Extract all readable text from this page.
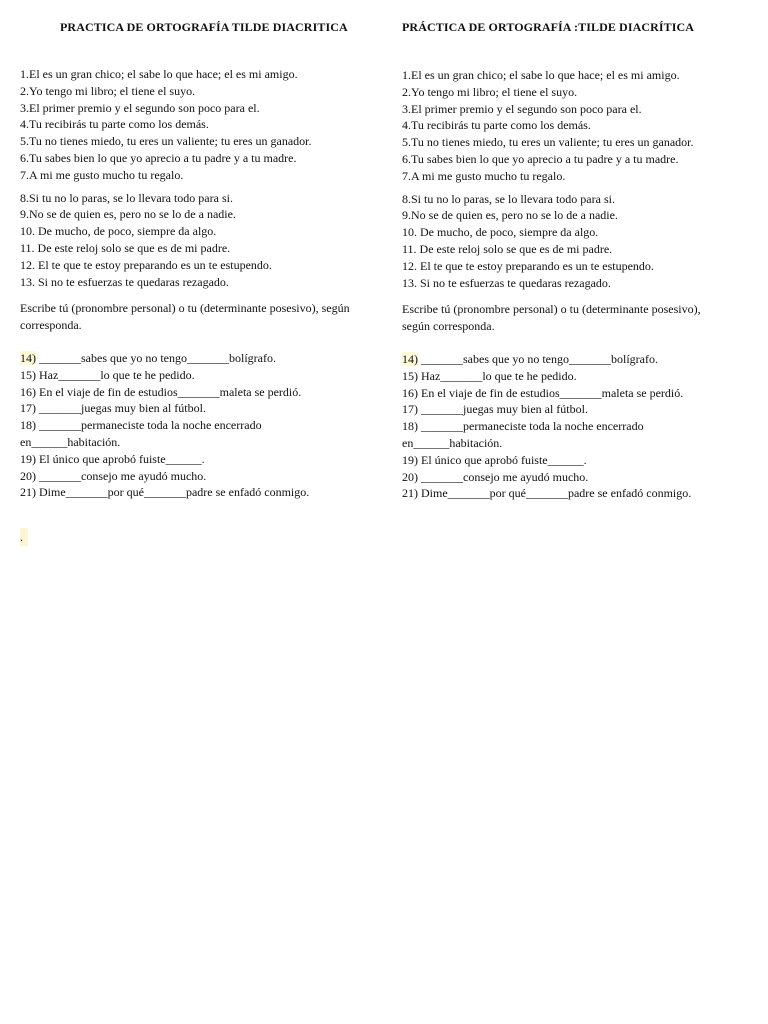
PRACTICA DE ORTOGRAFÍA TILDE DIACRITICA
1.El es un gran chico; el sabe lo que hace; el es mi amigo.
2.Yo tengo mi libro; el tiene el suyo.
3.El primer premio y el segundo son poco para el.
4.Tu recibirás tu parte como los demás.
5.Tu no tienes miedo, tu eres un valiente; tu eres un ganador.
6.Tu sabes bien lo que yo aprecio a tu padre y a tu madre.
7.A mi me gusto mucho tu regalo.
8.Si tu no lo paras, se lo llevara todo para si.
9.No se de quien es, pero no se lo de a nadie.
10. De mucho, de poco, siempre da algo.
11. De este reloj solo se que es de mi padre.
12. El te que te estoy preparando es un te estupendo.
13. Si no te esfuerzas te quedaras rezagado.
Escribe tú (pronombre personal) o tu (determinante posesivo), según corresponda.
14) _______sabes que yo no tengo_______bolígrafo.
15) Haz_______lo que te he pedido.
16) En el viaje de fin de estudios_______maleta se perdió.
17) _______juegas muy bien al fútbol.
18) _______permaneciste toda la noche encerrado
en______habitación.
19) El único que aprobó fuiste______.
20) _______consejo me ayudó mucho.
21) Dime_______por qué_______padre se enfadó conmigo.
.
PRÁCTICA DE ORTOGRAFÍA :TILDE DIACRÍTICA
1.El es un gran chico; el sabe lo que hace; el es mi amigo.
2.Yo tengo mi libro; el tiene el suyo.
3.El primer premio y el segundo son poco para el.
4.Tu recibirás tu parte como los demás.
5.Tu no tienes miedo, tu eres un valiente; tu eres un ganador.
6.Tu sabes bien lo que yo aprecio a tu padre y a tu madre.
7.A mi me gusto mucho tu regalo.
8.Si tu no lo paras, se lo llevara todo para si.
9.No se de quien es, pero no se lo de a nadie.
10. De mucho, de poco, siempre da algo.
11. De este reloj solo se que es de mi padre.
12. El te que te estoy preparando es un te estupendo.
13. Si no te esfuerzas te quedaras rezagado.
Escribe tú (pronombre personal) o tu (determinante posesivo), según corresponda.
14) _______sabes que yo no tengo_______bolígrafo.
15) Haz_______lo que te he pedido.
16) En el viaje de fin de estudios_______maleta se perdió.
17) _______juegas muy bien al fútbol.
18) _______permaneciste toda la noche encerrado
en______habitación.
19) El único que aprobó fuiste______.
20) _______consejo me ayudó mucho.
21) Dime_______por qué_______padre se enfadó conmigo.
